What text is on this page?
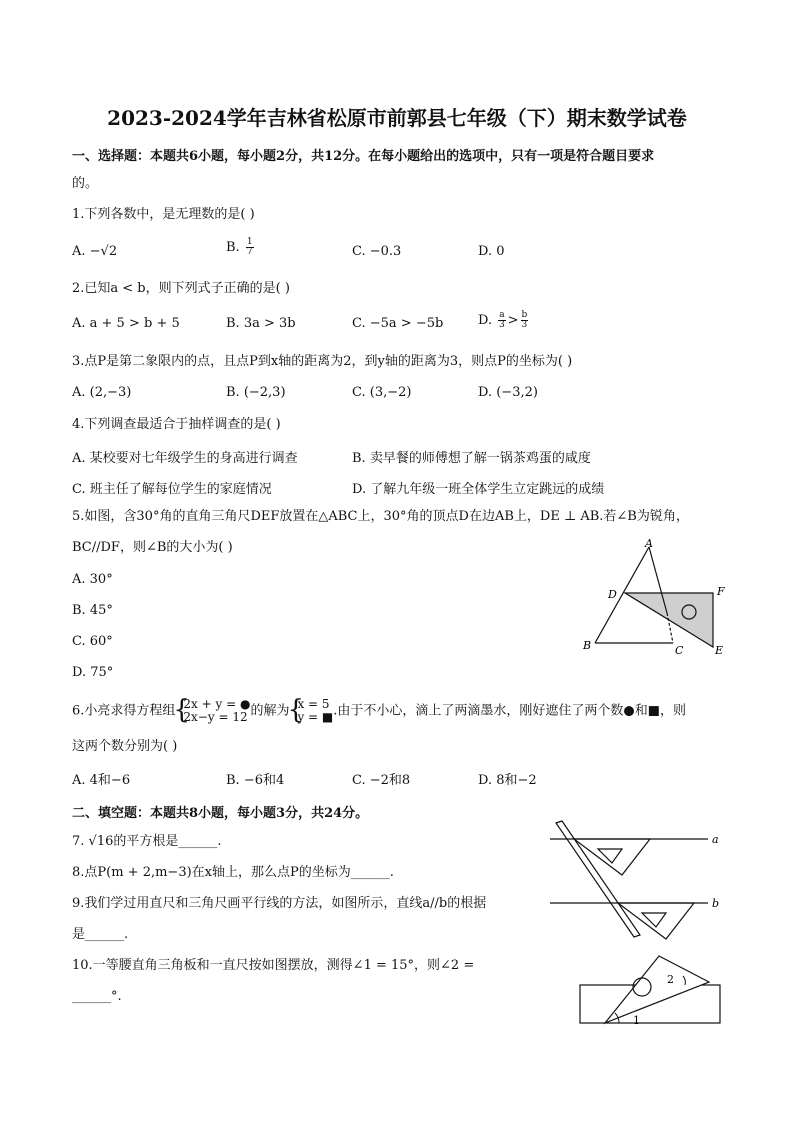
2023-2024学年吉林省松原市前郭县七年级（下）期末数学试卷
一、选择题：本题共6小题，每小题2分，共12分。在每小题给出的选项中，只有一项是符合题目要求
的。
1.下列各数中，是无理数的是( )
A. −√2	B. $\frac{1}{7}$	C. −0.3	D. 0
2.已知a < b，则下列式子正确的是( )
A. a + 5 > b + 5	B. 3a > 3b	C. −5a > −5b	D. $\frac{a}{3} > \frac{b}{3}$
3.点P是第二象限内的点，且点P到x轴的距离为2，到y轴的距离为3，则点P的坐标为( )
A. (2,−3)	B. (−2,3)	C. (3,−2)	D. (−3,2)
4.下列调查最适合于抽样调查的是( )
A. 某校要对七年级学生的身高进行调查	B. 卖早餐的师傅想了解一锅茶鸡蛋的咸度
C. 班主任了解每位学生的家庭情况	D. 了解九年级一班全体学生立定跳远的成绩
5.如图，含30°角的直角三角尺DEF放置在△ABC上，30°角的顶点D在边AB上，DE ⊥ AB.若∠B为锐角，
BC//DF，则∠B的大小为( )
A. 30°
B. 45°
C. 60°
D. 75°
A
B	C
D
E
F
6.小亮求得方程组 { 2x + y = ●
2x−y = 12 的解为 { x = 5
y = ■ .由于不小心，滴上了两滴墨水，刚好遮住了两个数●和■，则
这两个数分别为( )
A. 4和−6	B. −6和4	C. −2和8	D. 8和−2
二、填空题：本题共8小题，每小题3分，共24分。
7. √16的平方根是______.
8.点P(m + 2,m−3)在x轴上，那么点P的坐标为______.
9.我们学过用直尺和三角尺画平行线的方法，如图所示，直线a//b的根据
是______.
a
b
10.一等腰直角三角板和一直尺按如图摆放，测得∠1 = 15°，则∠2 =
______°.
1
2
